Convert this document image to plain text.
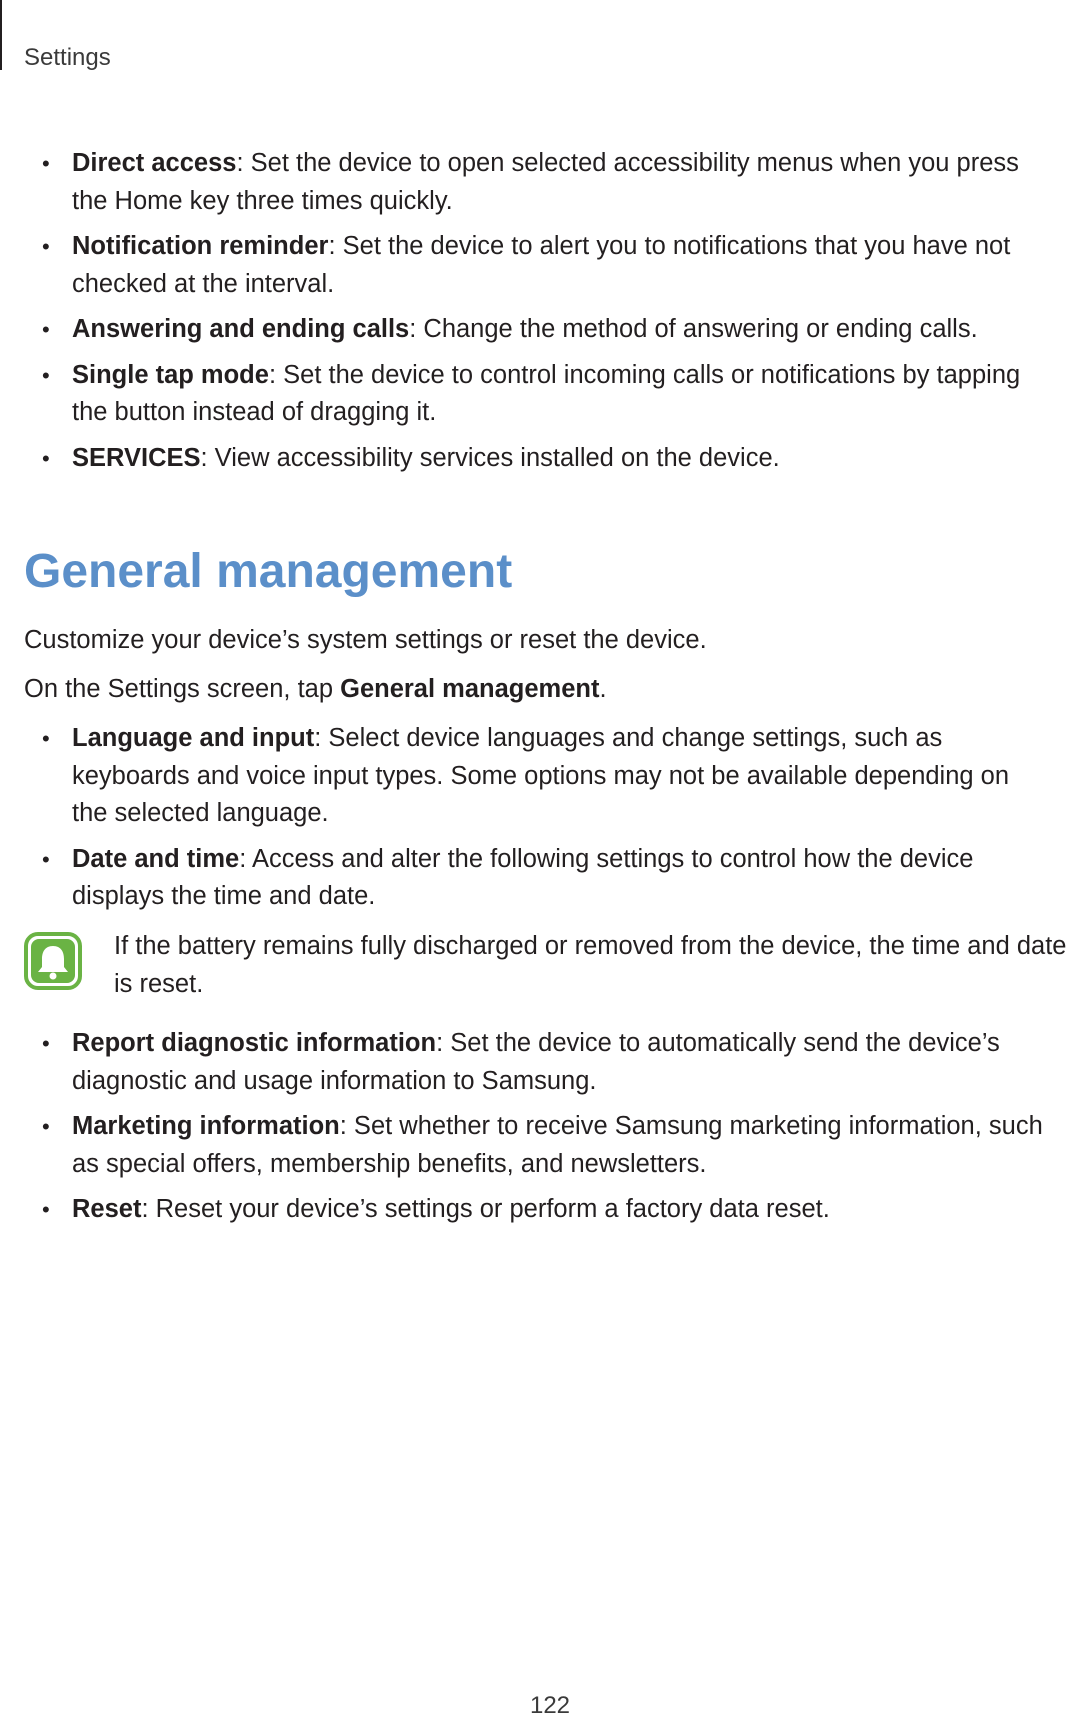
Settings
• Direct access: Set the device to open selected accessibility menus when you press the Home key three times quickly.
• Notification reminder: Set the device to alert you to notifications that you have not checked at the interval.
• Answering and ending calls: Change the method of answering or ending calls.
• Single tap mode: Set the device to control incoming calls or notifications by tapping the button instead of dragging it.
• SERVICES: View accessibility services installed on the device.
General management
Customize your device’s system settings or reset the device.
On the Settings screen, tap General management.
• Language and input: Select device languages and change settings, such as keyboards and voice input types. Some options may not be available depending on the selected language.
• Date and time: Access and alter the following settings to control how the device displays the time and date.
If the battery remains fully discharged or removed from the device, the time and date is reset.
• Report diagnostic information: Set the device to automatically send the device’s diagnostic and usage information to Samsung.
• Marketing information: Set whether to receive Samsung marketing information, such as special offers, membership benefits, and newsletters.
• Reset: Reset your device’s settings or perform a factory data reset.
122
